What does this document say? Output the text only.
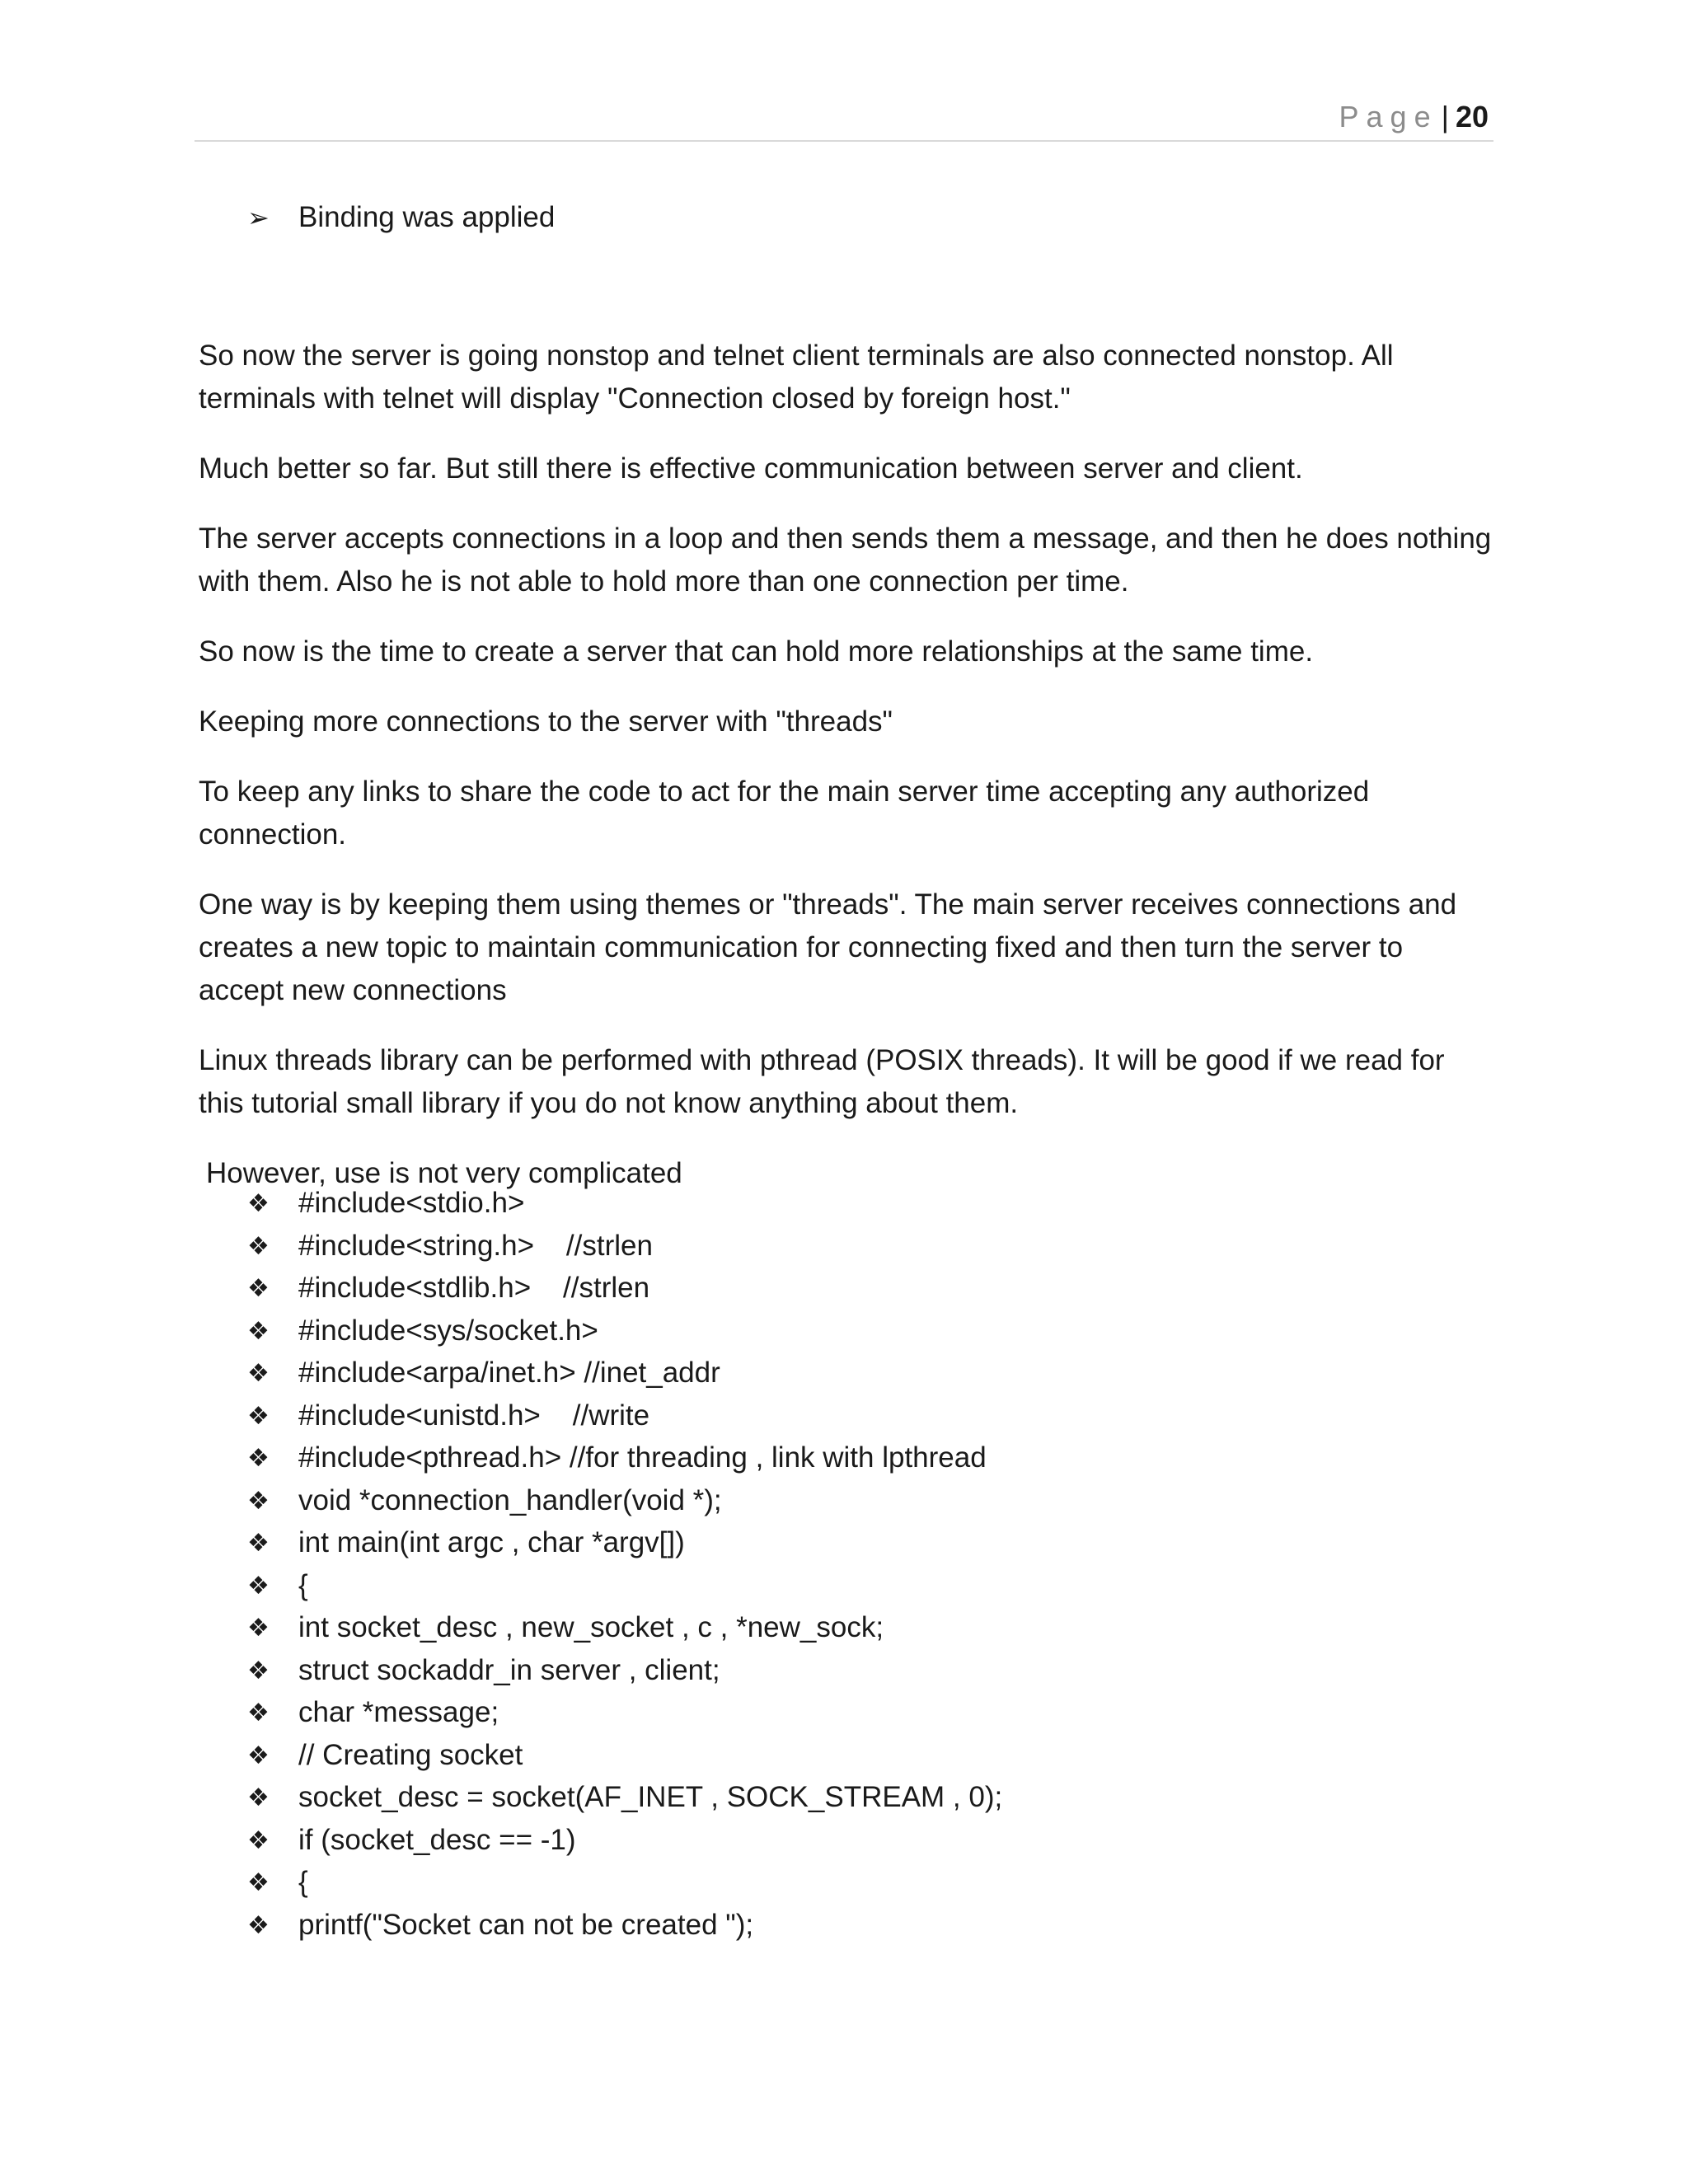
Page | 20
➢ Binding was applied

So now the server is going nonstop and telnet client terminals are also connected nonstop. All terminals with telnet will display "Connection closed by foreign host."

Much better so far. But still there is effective communication between server and client.

The server accepts connections in a loop and then sends them a message, and then he does nothing with them. Also he is not able to hold more than one connection per time.

So now is the time to create a server that can hold more relationships at the same time.

Keeping more connections to the server with "threads"

To keep any links to share the code to act for the main server time accepting any authorized connection.

One way is by keeping them using themes or "threads". The main server receives connections and creates a new topic to maintain communication for connecting fixed and then turn the server to accept new connections

Linux threads library can be performed with pthread (POSIX threads). It will be good if we read for this tutorial small library if you do not know anything about them.

However, use is not very complicated

❖ #include<stdio.h>
❖ #include<string.h>    //strlen
❖ #include<stdlib.h>    //strlen
❖ #include<sys/socket.h>
❖ #include<arpa/inet.h> //inet_addr
❖ #include<unistd.h>    //write
❖ #include<pthread.h> //for threading , link with lpthread
❖ void *connection_handler(void *);
❖ int main(int argc , char *argv[])
❖ {
❖ int socket_desc , new_socket , c , *new_sock;
❖ struct sockaddr_in server , client;
❖ char *message;
❖ // Creating socket
❖ socket_desc = socket(AF_INET , SOCK_STREAM , 0);
❖ if (socket_desc == -1)
❖ {
❖ printf("Socket can not be created ");
